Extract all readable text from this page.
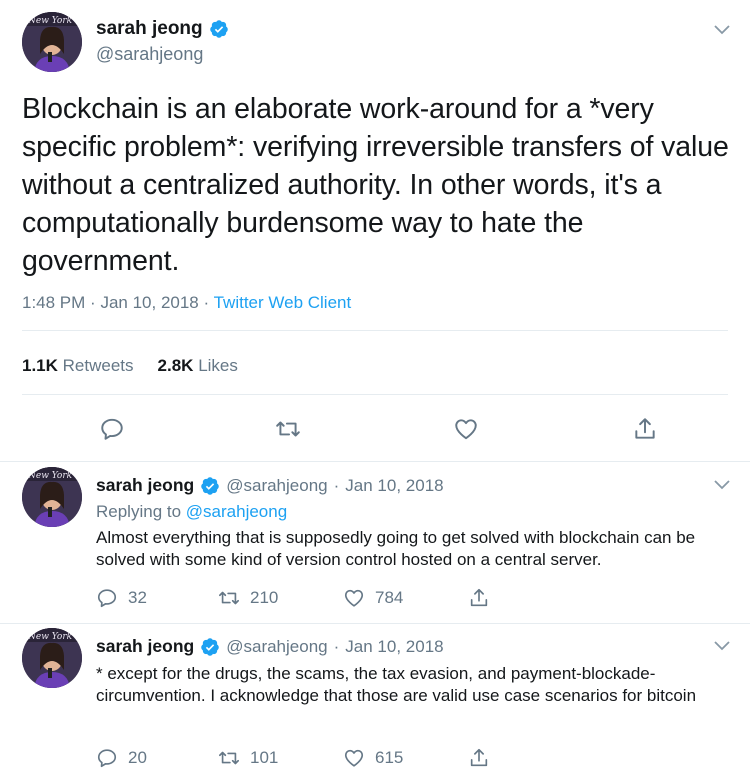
New York sarah jeong
@sarahjeong
Blockchain is an elaborate work-around for a *very specific problem*: verifying irreversible transfers of value without a centralized authority. In other words, it's a computationally burdensome way to hate the government.
1:48 PM · Jan 10, 2018 · Twitter Web Client
1.1K Retweets 2.8K Likes
New York sarah jeong @sarahjeong · Jan 10, 2018
Replying to @sarahjeong
Almost everything that is supposedly going to get solved with blockchain can be solved with some kind of version control hosted on a central server.
32	210	784
New York sarah jeong @sarahjeong · Jan 10, 2018
* except for the drugs, the scams, the tax evasion, and payment-blockade-circumvention. I acknowledge that those are valid use case scenarios for bitcoin
20	101	615
